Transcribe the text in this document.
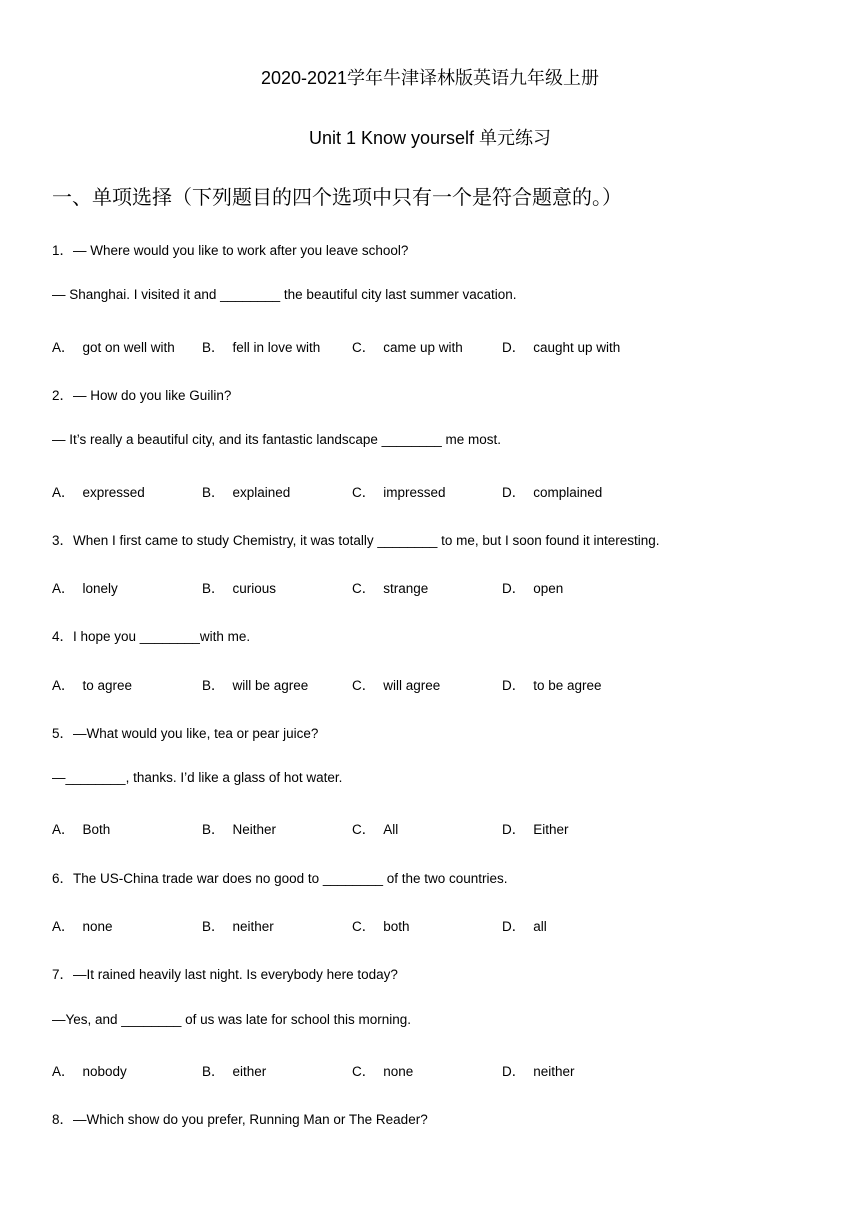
2020-2021学年牛津译林版英语九年级上册
Unit 1 Know yourself 单元练习
一、单项选择（下列题目的四个选项中只有一个是符合题意的。）
1．— Where would you like to work after you leave school?
— Shanghai. I visited it and ________ the beautiful city last summer vacation.
A． got on well with B． fell in love with C． came up with	D． caught up with
2．— How do you like Guilin?
— It’s really a beautiful city, and its fantastic landscape ________ me most.
A． expressed	B． explained	C． impressed	D． complained
3．When I first came to study Chemistry, it was totally ________ to me, but I soon found it interesting.
A． lonely	B． curious	C． strange	D． open
4．I hope you ________with me.
A． to agree	B． will be agree	C． will agree	D． to be agree
5．—What would you like, tea or pear juice?
—________, thanks. I’d like a glass of hot water.
A． Both	B． Neither	C． All	D． Either
6．The US-China trade war does no good to ________ of the two countries.
A． none	B． neither	C． both	D． all
7．—It rained heavily last night. Is everybody here today?
—Yes, and ________ of us was late for school this morning.
A． nobody	B． either	C． none	D． neither
8．—Which show do you prefer, Running Man or The Reader?
